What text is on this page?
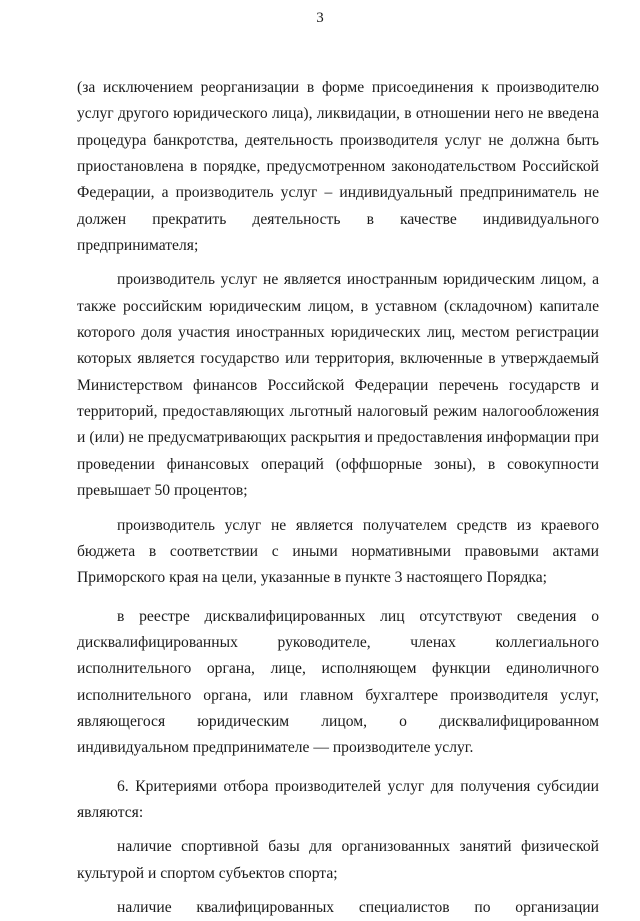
3

(за исключением реорганизации в форме присоединения к производителю услуг другого юридического лица), ликвидации, в отношении него не введена процедура банкротства, деятельность производителя услуг не должна быть приостановлена в порядке, предусмотренном законодательством Российской Федерации, а производитель услуг – индивидуальный предприниматель не должен прекратить деятельность в качестве индивидуального предпринимателя;

производитель услуг не является иностранным юридическим лицом, а также российским юридическим лицом, в уставном (складочном) капитале которого доля участия иностранных юридических лиц, местом регистрации которых является государство или территория, включенные в утверждаемый Министерством финансов Российской Федерации перечень государств и территорий, предоставляющих льготный налоговый режим налогообложения и (или) не предусматривающих раскрытия и предоставления информации при проведении финансовых операций (оффшорные зоны), в совокупности превышает 50 процентов;

производитель услуг не является получателем средств из краевого бюджета в соответствии с иными нормативными правовыми актами Приморского края на цели, указанные в пункте 3 настоящего Порядка;

в реестре дисквалифицированных лиц отсутствуют сведения о дисквалифицированных руководителе, членах коллегиального исполнительного органа, лице, исполняющем функции единоличного исполнительного органа, или главном бухгалтере производителя услуг, являющегося юридическим лицом, о дисквалифицированном индивидуальном предпринимателе — производителе услуг.

6. Критериями отбора производителей услуг для получения субсидии являются:

наличие спортивной базы для организованных занятий физической культурой и спортом субъектов спорта;

наличие квалифицированных специалистов по организации
